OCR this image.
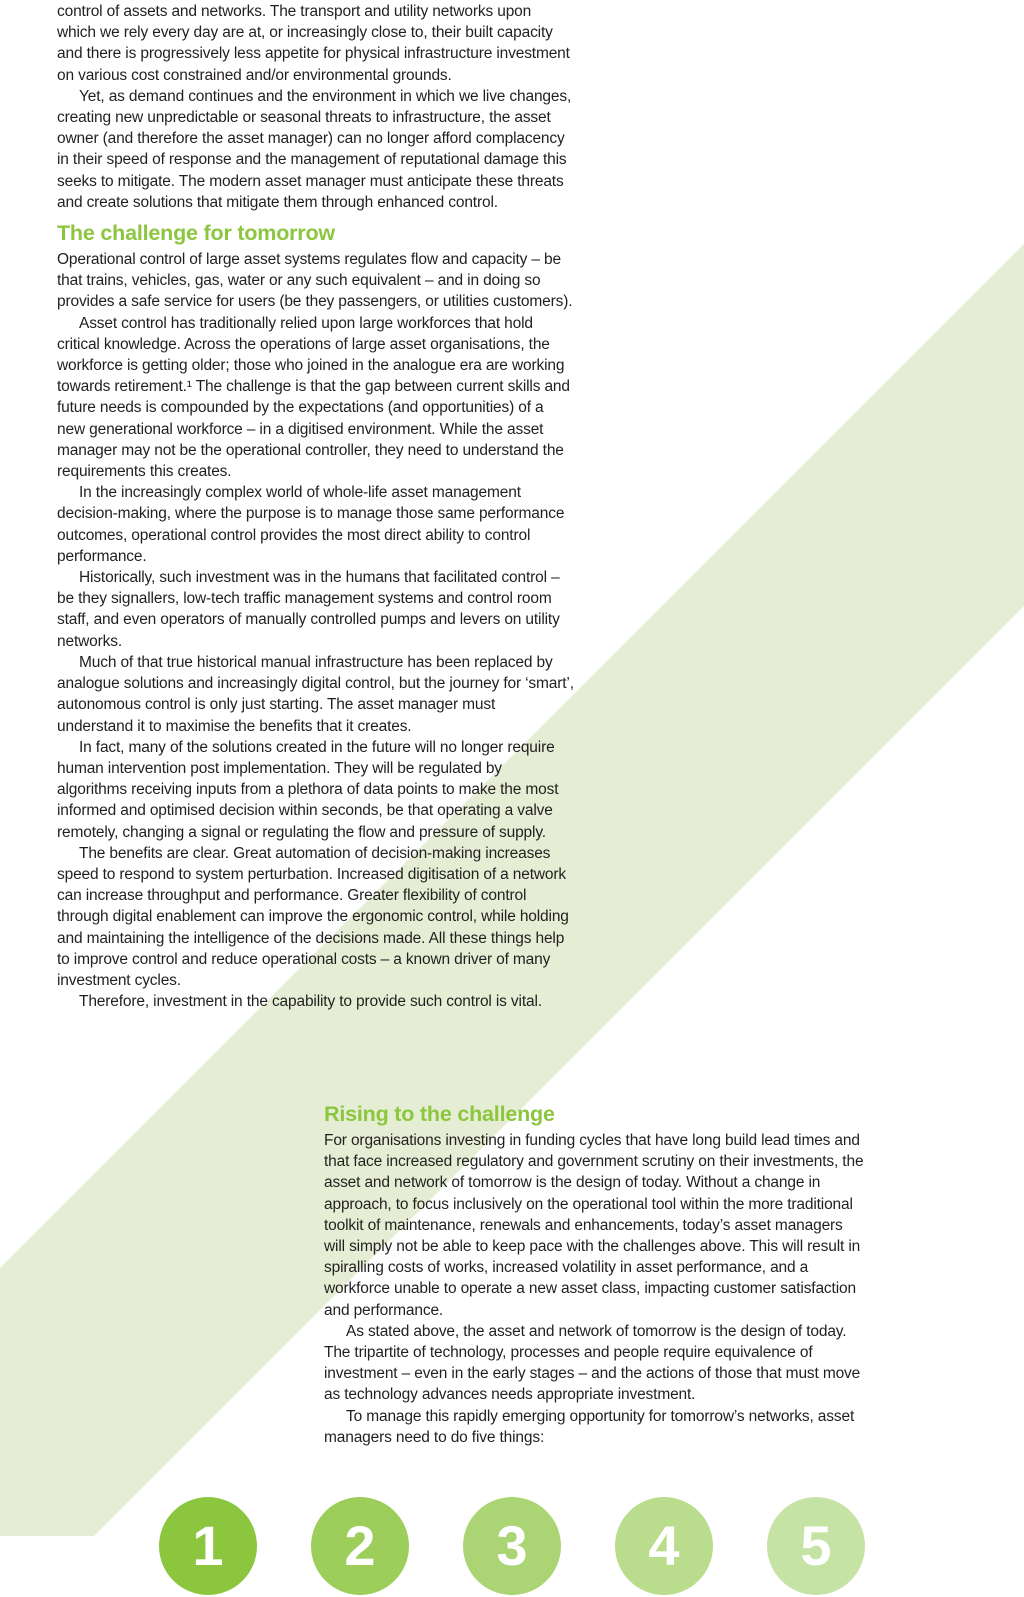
control of assets and networks. The transport and utility networks upon which we rely every day are at, or increasingly close to, their built capacity and there is progressively less appetite for physical infrastructure investment on various cost constrained and/or environmental grounds.

Yet, as demand continues and the environment in which we live changes, creating new unpredictable or seasonal threats to infrastructure, the asset owner (and therefore the asset manager) can no longer afford complacency in their speed of response and the management of reputational damage this seeks to mitigate. The modern asset manager must anticipate these threats and create solutions that mitigate them through enhanced control.

The challenge for tomorrow

Operational control of large asset systems regulates flow and capacity – be that trains, vehicles, gas, water or any such equivalent – and in doing so provides a safe service for users (be they passengers, or utilities customers).

Asset control has traditionally relied upon large workforces that hold critical knowledge. Across the operations of large asset organisations, the workforce is getting older; those who joined in the analogue era are working towards retirement.¹ The challenge is that the gap between current skills and future needs is compounded by the expectations (and opportunities) of a new generational workforce – in a digitised environment. While the asset manager may not be the operational controller, they need to understand the requirements this creates.

In the increasingly complex world of whole-life asset management decision-making, where the purpose is to manage those same performance outcomes, operational control provides the most direct ability to control performance.

Historically, such investment was in the humans that facilitated control – be they signallers, low-tech traffic management systems and control room staff, and even operators of manually controlled pumps and levers on utility networks.

Much of that true historical manual infrastructure has been replaced by analogue solutions and increasingly digital control, but the journey for ‘smart’, autonomous control is only just starting. The asset manager must understand it to maximise the benefits that it creates.

In fact, many of the solutions created in the future will no longer require human intervention post implementation. They will be regulated by algorithms receiving inputs from a plethora of data points to make the most informed and optimised decision within seconds, be that operating a valve remotely, changing a signal or regulating the flow and pressure of supply.

The benefits are clear. Great automation of decision-making increases speed to respond to system perturbation. Increased digitisation of a network can increase throughput and performance. Greater flexibility of control through digital enablement can improve the ergonomic control, while holding and maintaining the intelligence of the decisions made. All these things help to improve control and reduce operational costs – a known driver of many investment cycles.

Therefore, investment in the capability to provide such control is vital.

Rising to the challenge

For organisations investing in funding cycles that have long build lead times and that face increased regulatory and government scrutiny on their investments, the asset and network of tomorrow is the design of today. Without a change in approach, to focus inclusively on the operational tool within the more traditional toolkit of maintenance, renewals and enhancements, today’s asset managers will simply not be able to keep pace with the challenges above. This will result in spiralling costs of works, increased volatility in asset performance, and a workforce unable to operate a new asset class, impacting customer satisfaction and performance.

As stated above, the asset and network of tomorrow is the design of today. The tripartite of technology, processes and people require equivalence of investment – even in the early stages – and the actions of those that must move as technology advances needs appropriate investment.

To manage this rapidly emerging opportunity for tomorrow’s networks, asset managers need to do five things:

1	2	3	4	5
